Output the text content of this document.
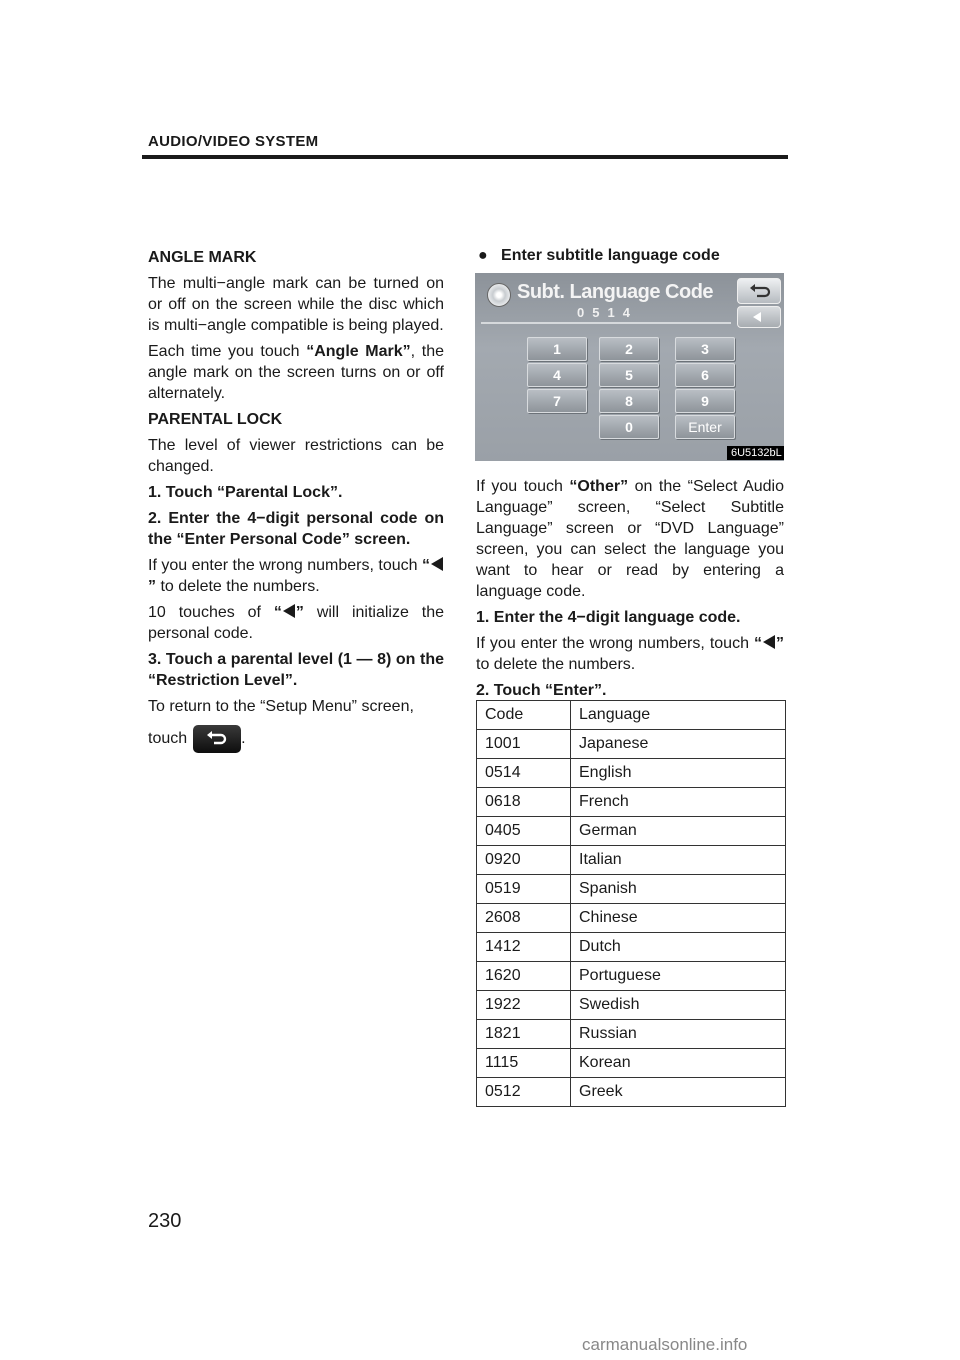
AUDIO/VIDEO SYSTEM

ANGLE MARK

The multi−angle mark can be turned on or off on the screen while the disc which is multi−angle compatible is being played.

Each time you touch “Angle Mark”, the angle mark on the screen turns on or off alternately.

PARENTAL LOCK

The level of viewer restrictions can be changed.

1. Touch “Parental Lock”.

2. Enter the 4−digit personal code on the “Enter Personal Code” screen.

If you enter the wrong numbers, touch “” to delete the numbers.

10 touches of “ ” will initialize the personal code.

3. Touch a parental level (1 — 8) on the “Restriction Level”.

To return to the “Setup Menu” screen,

touch	.

● Enter subtitle language code
Subt. Language Code
0514
1	2	3
4	5	6
7	8	9
0	Enter
6U5132bL

If you touch “Other” on the “Select Audio Language” screen, “Select Subtitle Language” screen or “DVD Language” screen, you can select the language you want to hear or read by entering a language code.

1. Enter the 4−digit language code.

If you enter the wrong numbers, touch “ ” to delete the numbers.

2. Touch “Enter”.

Code	Language
1001	Japanese
0514	English
0618	French
0405	German
0920	Italian
0519	Spanish
2608	Chinese
1412	Dutch
1620	Portuguese
1922	Swedish
1821	Russian
1115	Korean
0512	Greek
230
carmanualsonline.info
